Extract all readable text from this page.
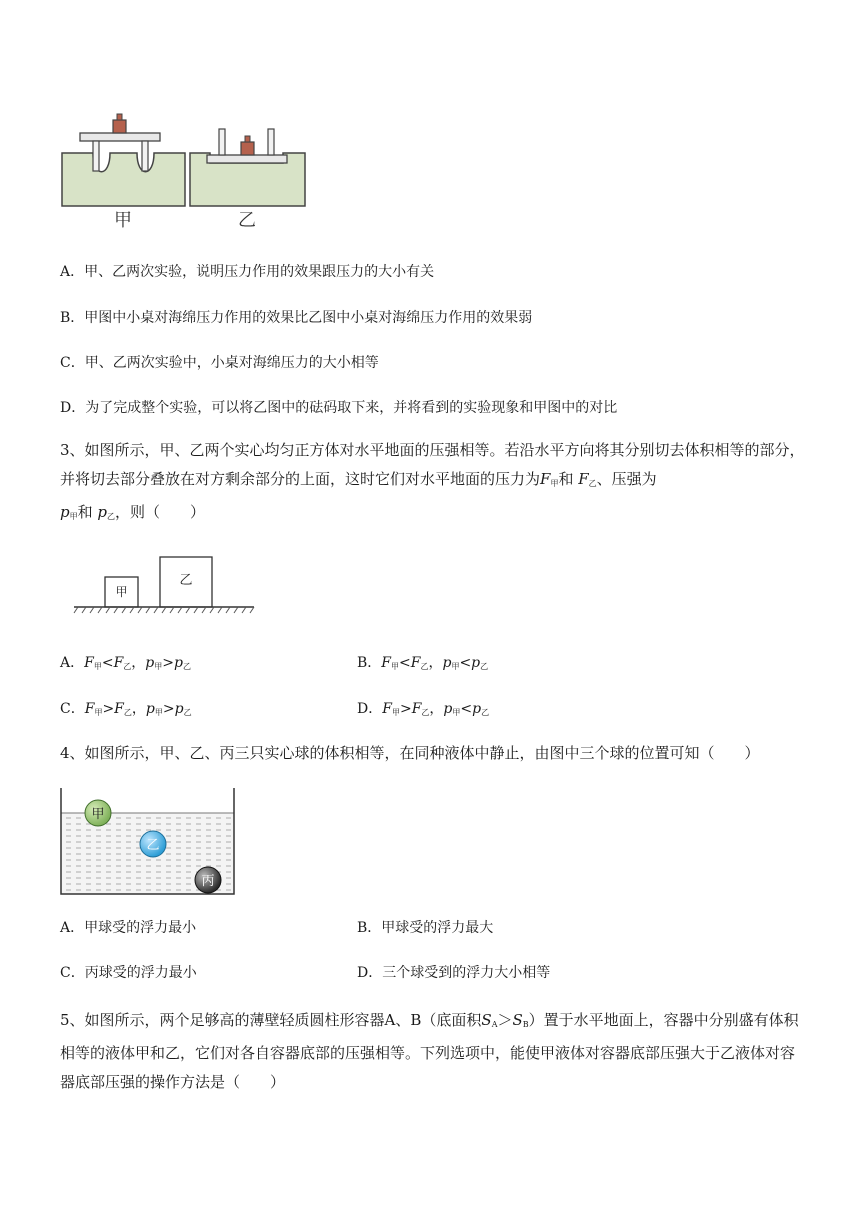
甲	乙
A．甲、乙两次实验，说明压力作用的效果跟压力的大小有关
B．甲图中小桌对海绵压力作用的效果比乙图中小桌对海绵压力作用的效果弱
C．甲、乙两次实验中，小桌对海绵压力的大小相等
D．为了完成整个实验，可以将乙图中的砝码取下来，并将看到的实验现象和甲图中的对比
3、如图所示，甲、乙两个实心均匀正方体对水平地面的压强相等。若沿水平方向将其分别切去体积相等的部分，并将切去部分叠放在对方剩余部分的上面，这时它们对水平地面的压力为$F_甲$和 $F_乙$、压强为
$p_甲$和 $p_乙$，则（　　）
甲
乙
A．$F_甲<F_乙$，$p_甲>p_乙$	B．$F_甲<F_乙$，$p_甲<p_乙$
C．$F_甲>F_乙$，$p_甲>p_乙$	D．$F_甲>F_乙$，$p_甲<p_乙$
4、如图所示，甲、乙、丙三只实心球的体积相等，在同种液体中静止，由图中三个球的位置可知（　　）
甲
乙
丙
A．甲球受的浮力最小	B．甲球受的浮力最大
C．丙球受的浮力最小	D．三个球受到的浮力大小相等
5、如图所示，两个足够高的薄壁轻质圆柱形容器A、B（底面积$S_A>S_B$）置于水平地面上，容器中分别盛有体积相等的液体甲和乙，它们对各自容器底部的压强相等。下列选项中，能使甲液体对容器底部压强大于乙液体对容器底部压强的操作方法是（　　）
